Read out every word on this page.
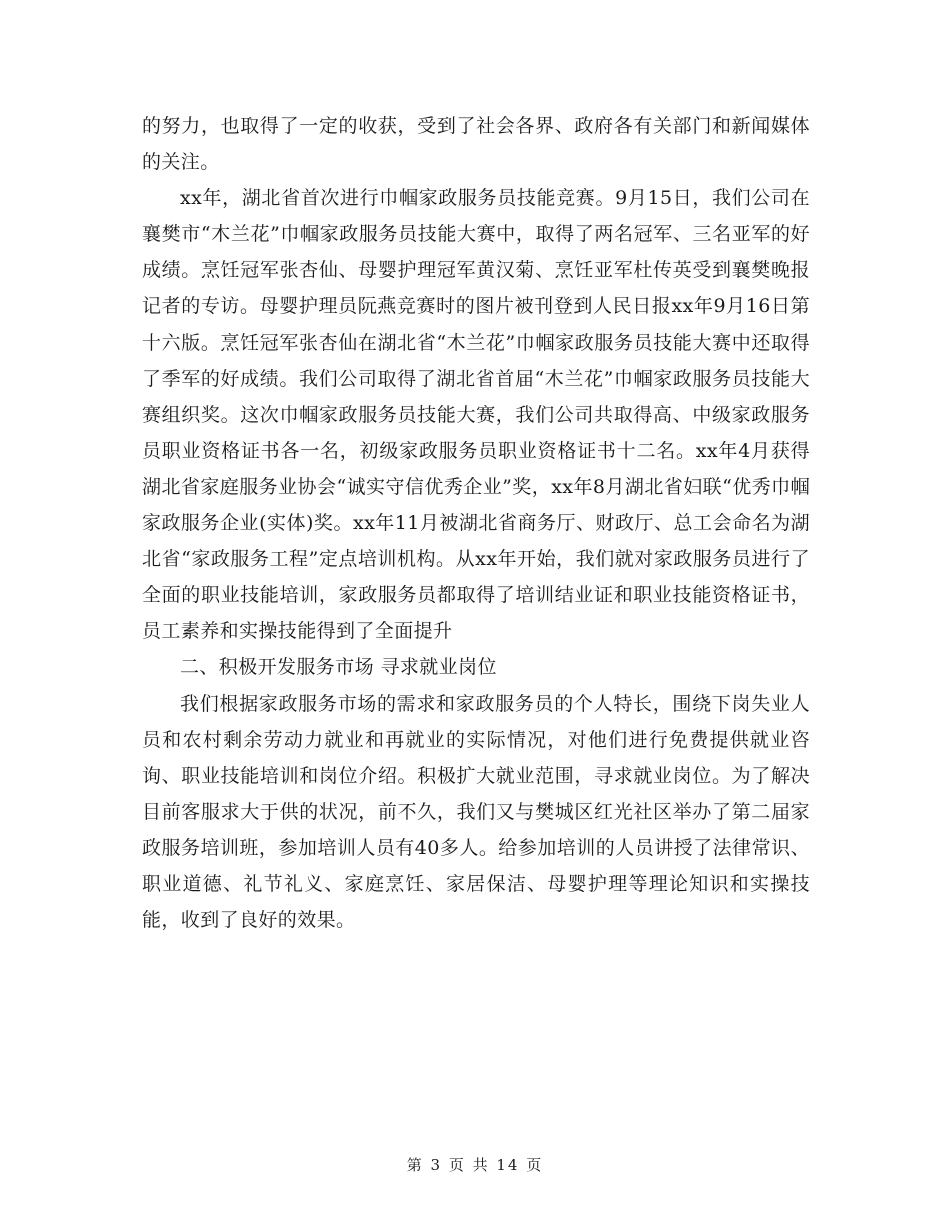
的努力，也取得了一定的收获，受到了社会各界、政府各有关部门和新闻媒体的关注。

xx年，湖北省首次进行巾帼家政服务员技能竞赛。9月15日，我们公司在襄樊市“木兰花”巾帼家政服务员技能大赛中，取得了两名冠军、三名亚军的好成绩。烹饪冠军张杏仙、母婴护理冠军黄汉菊、烹饪亚军杜传英受到襄樊晚报记者的专访。母婴护理员阮燕竞赛时的图片被刊登到人民日报xx年9月16日第十六版。烹饪冠军张杏仙在湖北省“木兰花”巾帼家政服务员技能大赛中还取得了季军的好成绩。我们公司取得了湖北省首届“木兰花”巾帼家政服务员技能大赛组织奖。这次巾帼家政服务员技能大赛，我们公司共取得高、中级家政服务员职业资格证书各一名，初级家政服务员职业资格证书十二名。xx年4月获得湖北省家庭服务业协会“诚实守信优秀企业”奖，xx年8月湖北省妇联“优秀巾帼家政服务企业(实体)奖。xx年11月被湖北省商务厅、财政厅、总工会命名为湖北省“家政服务工程”定点培训机构。从xx年开始，我们就对家政服务员进行了全面的职业技能培训，家政服务员都取得了培训结业证和职业技能资格证书，员工素养和实操技能得到了全面提升

二、积极开发服务市场 寻求就业岗位

我们根据家政服务市场的需求和家政服务员的个人特长，围绕下岗失业人员和农村剩余劳动力就业和再就业的实际情况，对他们进行免费提供就业咨询、职业技能培训和岗位介绍。积极扩大就业范围，寻求就业岗位。为了解决目前客服求大于供的状况，前不久，我们又与樊城区红光社区举办了第二届家政服务培训班，参加培训人员有40多人。给参加培训的人员讲授了法律常识、职业道德、礼节礼义、家庭烹饪、家居保洁、母婴护理等理论知识和实操技能，收到了良好的效果。

第 3 页 共 14 页
